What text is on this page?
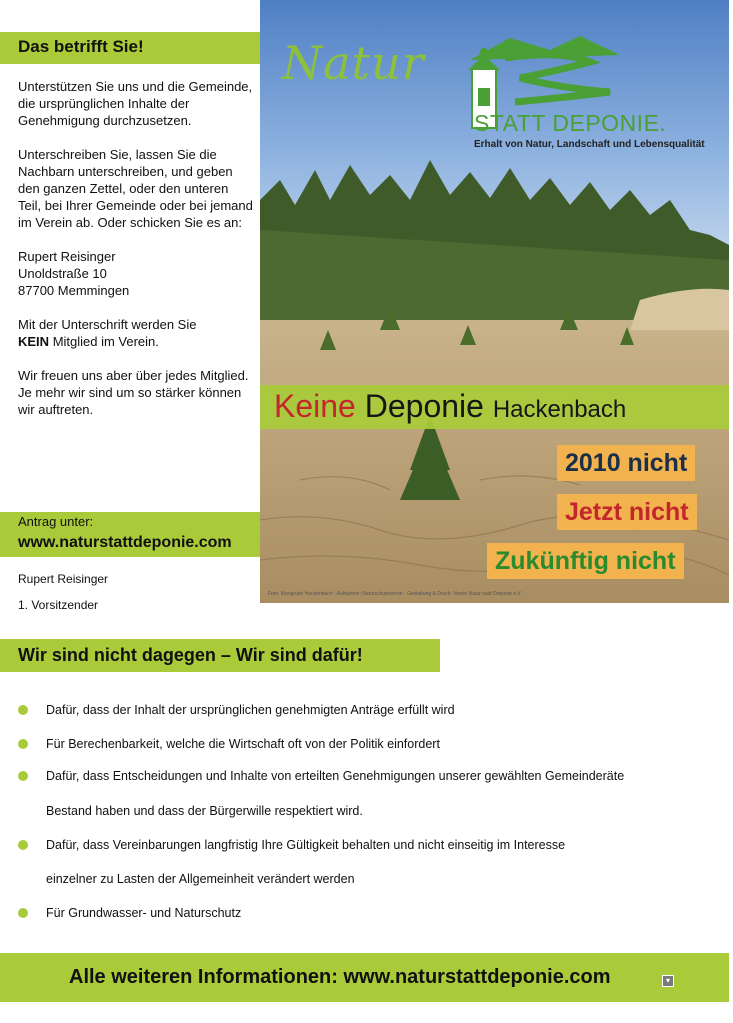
Das betrifft Sie!

Unterstützen Sie uns und die Gemeinde, die ursprünglichen Inhalte der Genehmigung durchzusetzen.

Unterschreiben Sie, lassen Sie die Nachbarn unterschreiben, und geben den ganzen Zettel, oder den unteren Teil, bei Ihrer Gemeinde oder bei jemand im Verein ab. Oder schicken Sie es an:

Rupert Reisinger
Unoldstraße 10
87700 Memmingen

Mit der Unterschrift werden Sie
KEIN Mitglied im Verein.

Wir freuen uns aber über jedes Mitglied. Je mehr wir sind um so stärker können wir auftreten.

Antrag unter:
www.naturstattdeponie.com
Rupert Reisinger
1. Vorsitzender
Natur
STATT DEPONIE.
Erhalt von Natur, Landschaft und Lebensqualität
Keine Deponie Hackenbach
2010 nicht
Jetzt nicht
Zukünftig nicht
Foto: Kiesgrube Hackenbach · Aufnahme: Naturschutzverein · Gestaltung & Druck: Verein Natur statt Deponie e.V.
Wir sind nicht dagegen – Wir sind dafür!
Dafür, dass der Inhalt der ursprünglichen genehmigten Anträge erfüllt wird
Für Berechenbarkeit, welche die Wirtschaft oft von der Politik einfordert
Dafür, dass Entscheidungen und Inhalte von erteilten Genehmigungen unserer gewählten Gemeinderäte
Bestand haben und dass der Bürgerwille respektiert wird.
Dafür, dass Vereinbarungen langfristig Ihre Gültigkeit behalten und nicht einseitig im Interesse
einzelner zu Lasten der Allgemeinheit verändert werden
Für Grundwasser- und Naturschutz
Alle weiteren Informationen: www.naturstattdeponie.com	▾
